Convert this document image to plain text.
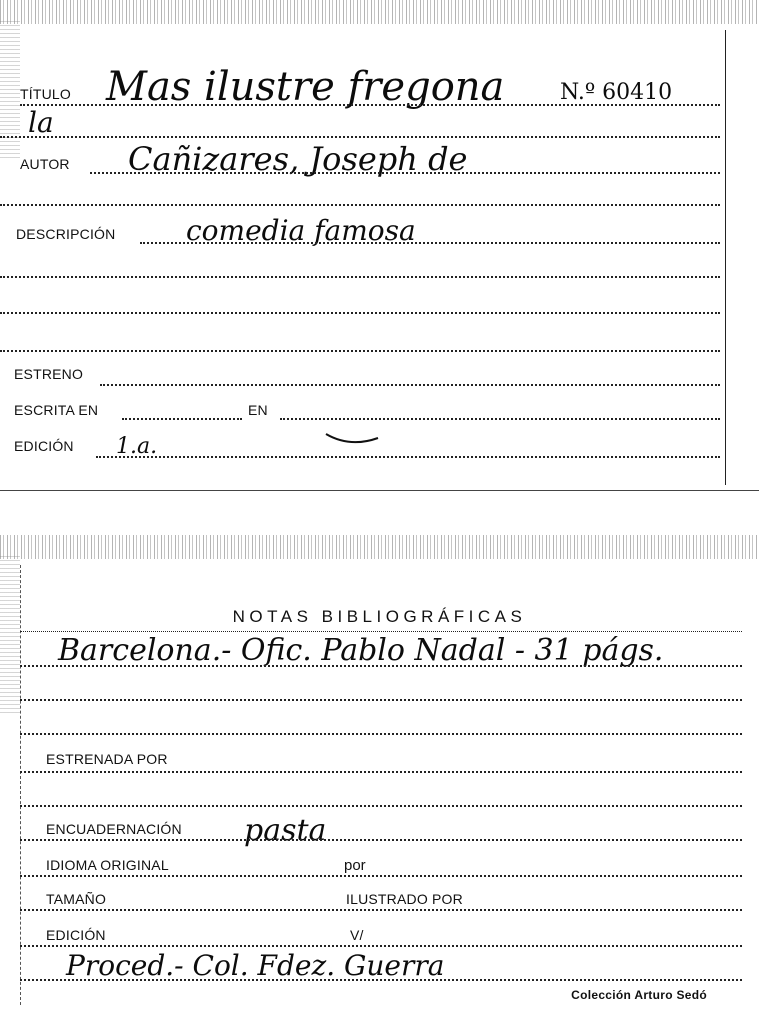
TÍTULO Mas ilustre fregona	N.º 60410
la
AUTOR Cañizares, Joseph de
DESCRIPCIÓN	comedia famosa
ESTRENO
ESCRITA EN	EN
EDICIÓN 1.a.
NOTAS BIBLIOGRÁFICAS
Barcelona.- Ofic. Pablo Nadal - 31 págs.
ESTRENADA POR
ENCUADERNACIÓN pasta
IDIOMA ORIGINAL	por
TAMAÑO	ILUSTRADO POR
EDICIÓN	V/
Proced.- Col. Fdez. Guerra
Colección Arturo Sedó
